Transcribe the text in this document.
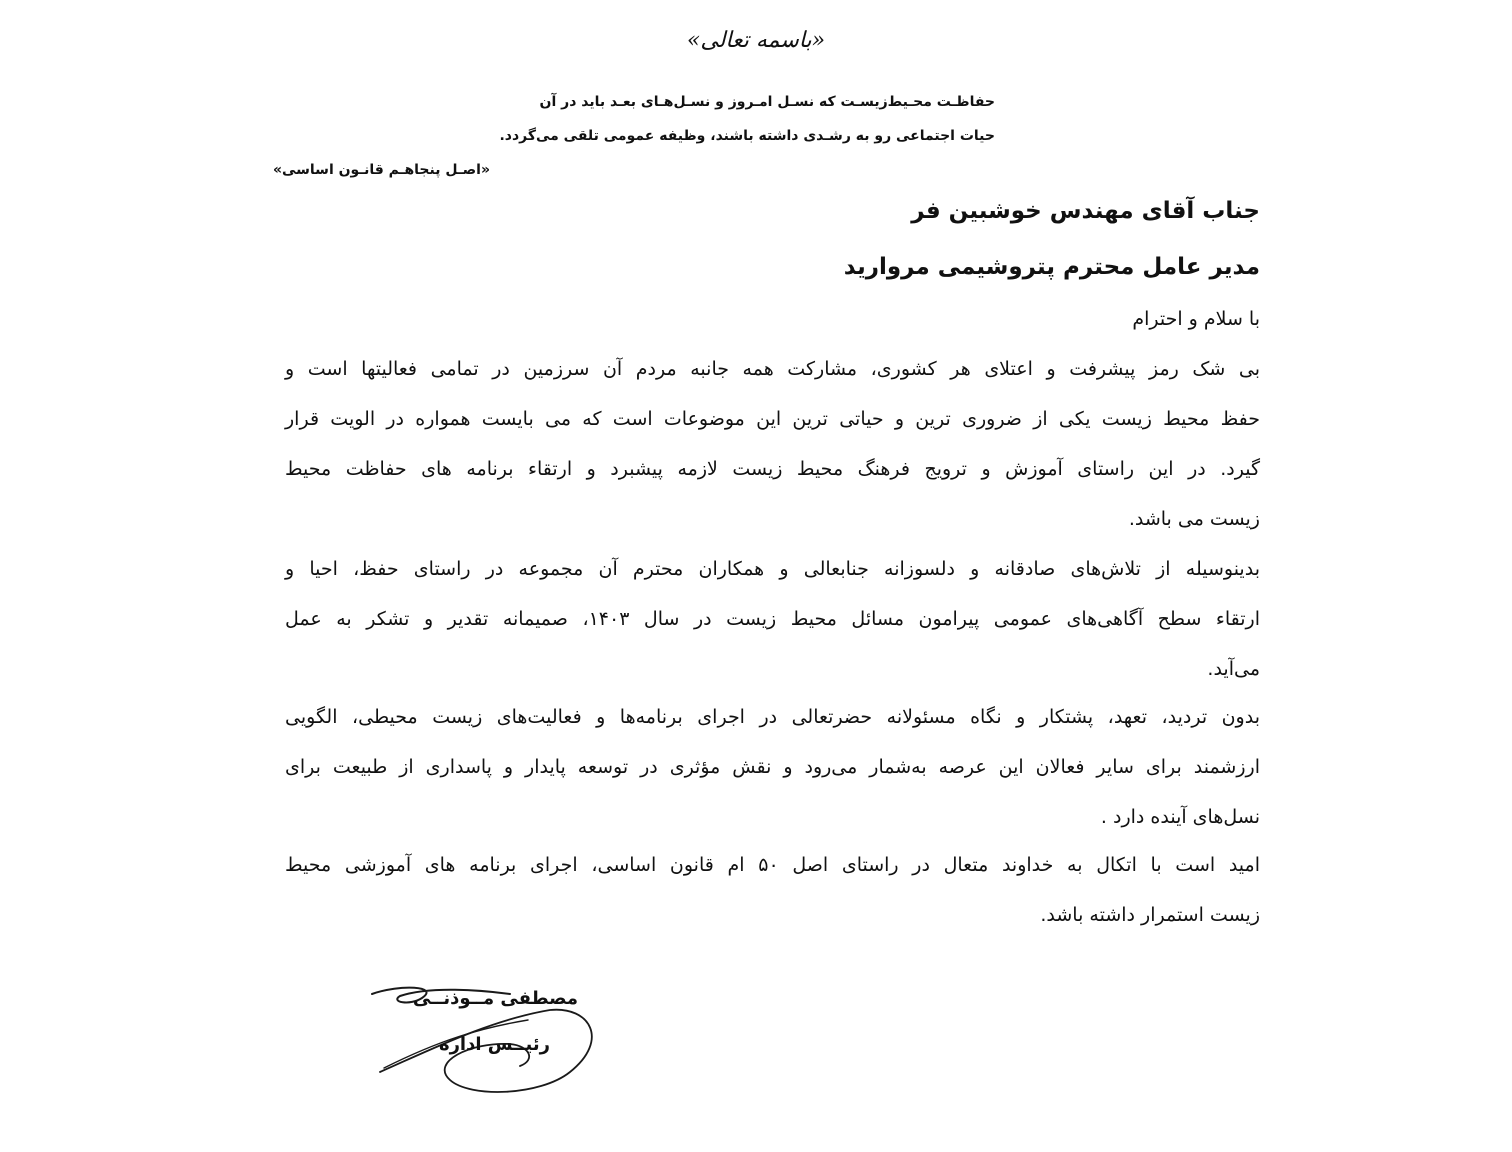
«باسمه تعالی»
حفاظـت محـیط‌زیسـت که نسـل امـروز و نسـل‌هـای بعـد باید در آن
حیات اجتماعی رو به رشـدی داشته باشند، وظیفه عمومی تلقی می‌گردد.
«اصـل پنجاهـم قانـون اساسی»
جناب آقای مهندس خوشبین فر
مدیر عامل محترم پتروشیمی مروارید
با سلام و احترام
بی شک رمز پیشرفت و اعتلای هر کشوری، مشارکت همه جانبه مردم آن سرزمین در تمامی فعالیتها است و
حفظ محیط زیست یکی از ضروری ترین و حیاتی ترین این موضوعات است که می بایست همواره در الویت قرار
گیرد. در این راستای آموزش و ترویج فرهنگ محیط زیست لازمه پیشبرد و ارتقاء برنامه های حفاظت محیط
زیست می باشد.
بدینوسیله از تلاش‌های صادقانه و دلسوزانه جنابعالی و همکاران محترم آن مجموعه در راستای حفظ، احیا و
ارتقاء سطح آگاهی‌های عمومی پیرامون مسائل محیط زیست در سال ۱۴۰۳، صمیمانه تقدیر و تشکر به عمل
می‌آید.
بدون تردید، تعهد، پشتکار و نگاه مسئولانه حضرتعالی در اجرای برنامه‌ها و فعالیت‌های زیست محیطی، الگویی
ارزشمند برای سایر فعالان این عرصه به‌شمار می‌رود و نقش مؤثری در توسعه پایدار و پاسداری از طبیعت برای
نسل‌های آینده دارد .
امید است با اتکال به خداوند متعال در راستای اصل ۵۰ ام قانون اساسی، اجرای برنامه های آموزشی محیط
زیست استمرار داشته باشد.
مصطفی مــوذنــی
رئیــس اداره
